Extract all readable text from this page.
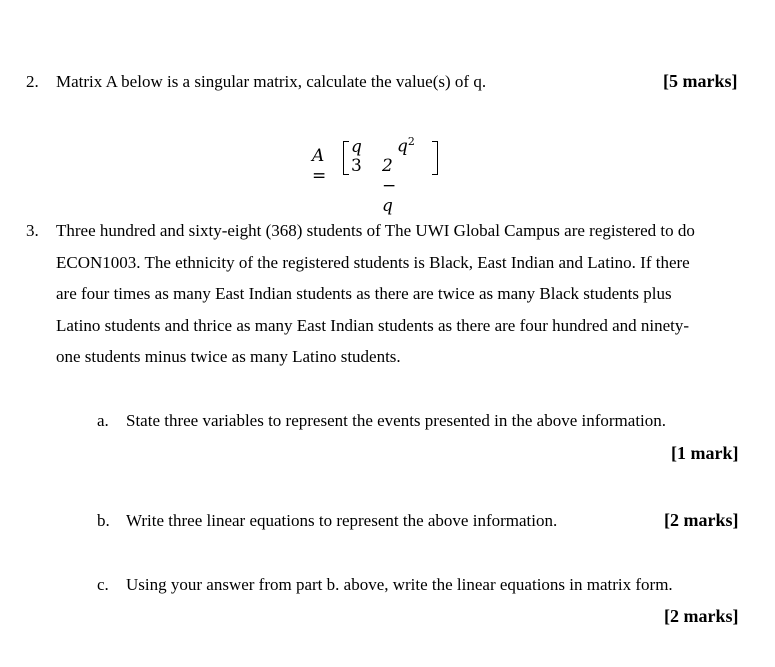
2. Matrix A below is a singular matrix, calculate the value(s) of q.	[5 marks]
A =
q $q^2$
3 2 − q
3. Three hundred and sixty-eight (368) students of The UWI Global Campus are registered to do
ECON1003. The ethnicity of the registered students is Black, East Indian and Latino. If there
are four times as many East Indian students as there are twice as many Black students plus
Latino students and thrice as many East Indian students as there are four hundred and ninety-
one students minus twice as many Latino students.
a. State three variables to represent the events presented in the above information.
[1 mark]
b. Write three linear equations to represent the above information.	[2 marks]
c. Using your answer from part b. above, write the linear equations in matrix form.
[2 marks]
